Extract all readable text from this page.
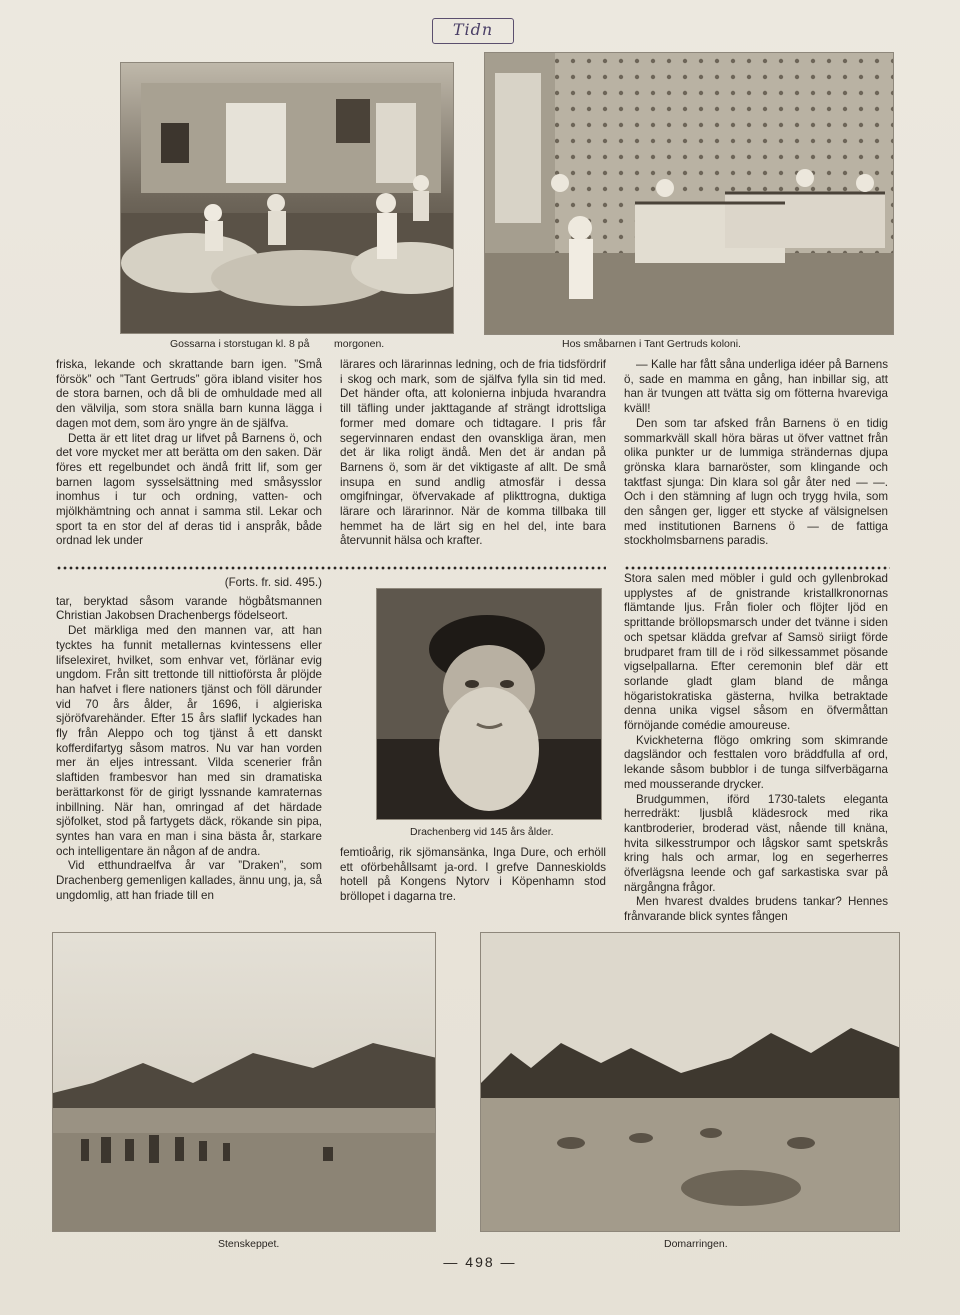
Tidn
Gossarna i storstugan kl. 8 på morgonen.	Hos småbarnen i Tant Gertruds koloni.

friska, lekande och skrattande barn igen. ”Små försök” och ”Tant Gertruds” göra ibland visiter hos de stora barnen, och då bli de omhuldade med all den välvilja, som stora snälla barn kunna lägga i dagen mot dem, som äro yngre än de själfva.

Detta är ett litet drag ur lifvet på Barnens ö, och det vore mycket mer att berätta om den saken. Där föres ett regelbundet och ändå fritt lif, som ger barnen lagom sysselsättning med småsysslor inomhus i tur och ordning, vatten- och mjölkhämtning och annat i samma stil. Lekar och sport ta en stor del af deras tid i anspråk, både ordnad lek under

lärares och lärarinnas ledning, och de fria tidsfördrif i skog och mark, som de själfva fylla sin tid med. Det händer ofta, att kolonierna inbjuda hvarandra till täfling under jakttagande af strängt idrottsliga former med domare och tidtagare. I pris får segervinnaren endast den ovanskliga äran, men det är lika roligt ändå. Men det är andan på Barnens ö, som är det viktigaste af allt. De små insupa en sund andlig atmosfär i dessa omgifningar, öfvervakade af plikttrogna, duktiga lärare och lärarinnor. När de komma tillbaka till hemmet ha de lärt sig en hel del, inte bara återvunnit hälsa och krafter.

— Kalle har fått såna underliga idéer på Barnens ö, sade en mamma en gång, han inbillar sig, att han är tvungen att tvätta sig om fötterna hvareviga kväll!

Den som tar afsked från Barnens ö en tidig sommarkväll skall höra bäras ut öfver vattnet från olika punkter ur de lummiga strändernas djupa grönska klara barnaröster, som klingande och taktfast sjunga: Din klara sol går åter ned — —. Och i den stämning af lugn och trygg hvila, som den sången ger, ligger ett stycke af välsignelsen med institutionen Barnens ö — de fattiga stockholmsbarnens paradis.

(Forts. fr. sid. 495.)

tar, beryktad såsom varande högbåtsmannen Christian Jakobsen Drachenbergs födelseort.

Det märkliga med den mannen var, att han tycktes ha funnit metallernas kvintessens eller lifselexiret, hvilket, som enhvar vet, förlänar evig ungdom. Från sitt trettonde till nittioförsta år plöjde han hafvet i flere nationers tjänst och föll därunder vid 70 års ålder, år 1696, i algieriska sjöröfvarehänder. Efter 15 års slaflif lyckades han fly från Aleppo och tog tjänst å ett danskt kofferdifartyg såsom matros. Nu var han vorden mer än eljes intressant. Vilda scenerier från slaftiden frambesvor han med sin dramatiska berättarkonst för de girigt lyssnande kamraternas inbillning. När han, omringad af det härdade sjöfolket, stod på fartygets däck, rökande sin pipa, syntes han vara en man i sina bästa år, starkare och intelligentare än någon af de andra.

Vid etthundraelfva år var ”Draken”, som Drachenberg gemenligen kallades, ännu ung, ja, så ungdomlig, att han friade till en

Drachenberg vid 145 års ålder.

femtioårig, rik sjömansänka, Inga Dure, och erhöll ett oförbehållsamt ja-ord. I grefve Danneskiolds hotell på Kongens Nytorv i Köpenhamn stod bröllopet i dagarna tre.

Stora salen med möbler i guld och gyllenbrokad upplystes af de gnistrande kristallkronornas flämtande ljus. Från fioler och flöjter ljöd en sprittande bröllopsmarsch under det tvänne i siden och spetsar klädda grefvar af Samsö siriigt förde brudparet fram till de i röd silkessammet pösande vigselpallarna. Efter ceremonin blef där ett sorlande gladt glam bland de många högaristokratiska gästerna, hvilka betraktade denna unika vigsel såsom en öfvermåttan förnöjande comédie amoureuse.

Kvickheterna flögo omkring som skimrande dagsländor och festtalen voro bräddfulla af ord, lekande såsom bubblor i de tunga silfverbägarna med mousserande drycker.

Brudgummen, iförd 1730-talets eleganta herredräkt: ljusblå klädesrock med rika kantbroderier, broderad väst, nående till knäna, hvita silkesstrumpor och lågskor samt spetskrås kring hals och armar, log en segerherres öfverlägsna leende och gaf sarkastiska svar på närgångna frågor.

Men hvarest dvaldes brudens tankar? Hennes frånvarande blick syntes fången

Stenskeppet.	Domarringen.
— 498 —
